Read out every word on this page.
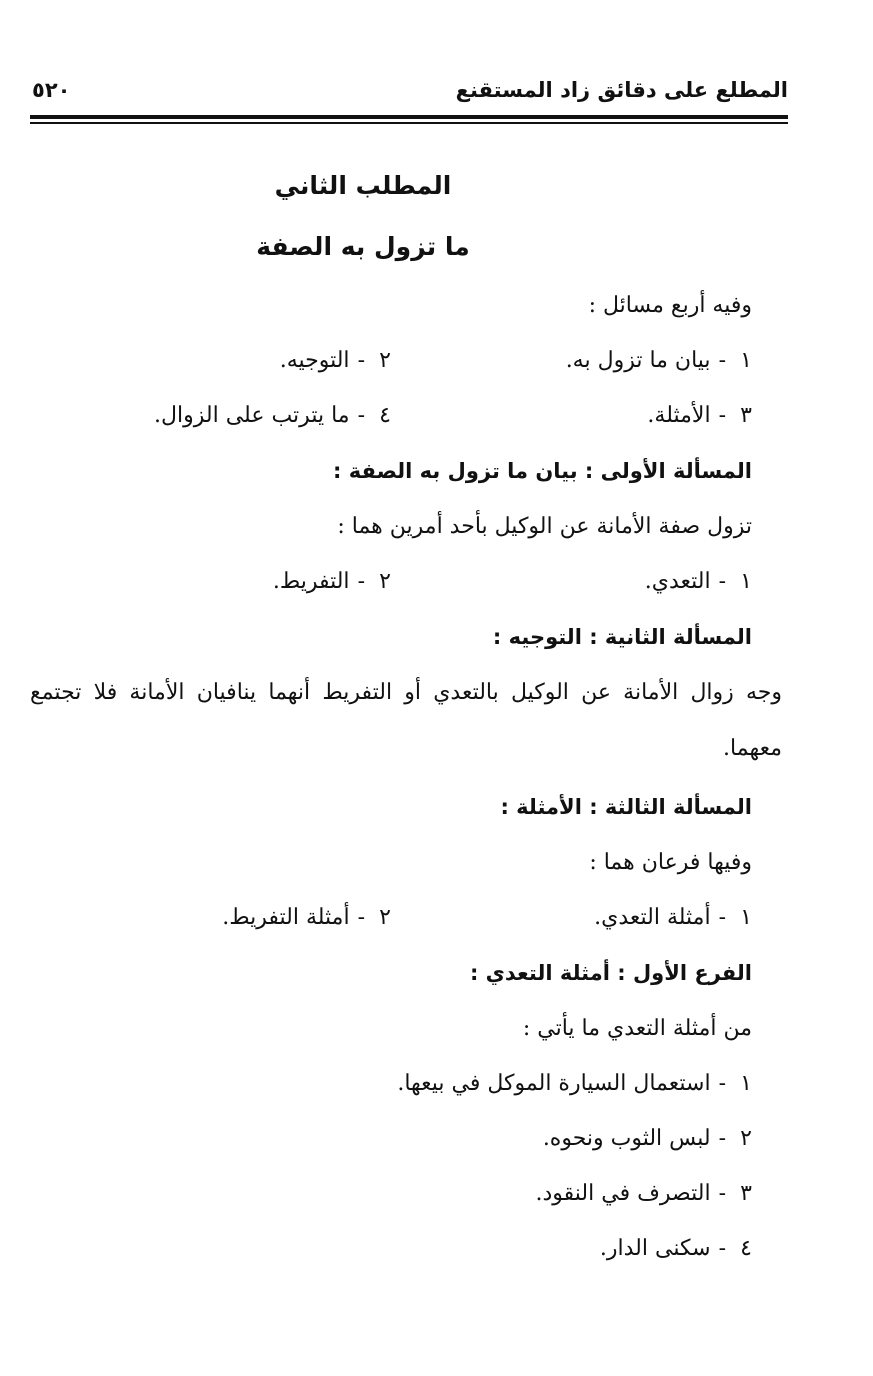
المطلع على دقائق زاد المستقنع
٥٢٠
المطلب الثاني
ما تزول به الصفة
وفيه أربع مسائل :
١-بيان ما تزول به.
٢-التوجيه.
٣-الأمثلة.
٤-ما يترتب على الزوال.
المسألة الأولى : بيان ما تزول به الصفة :
تزول صفة الأمانة عن الوكيل بأحد أمرين هما :
١-التعدي.
٢-التفريط.
المسألة الثانية : التوجيه :
وجه زوال الأمانة عن الوكيل بالتعدي أو التفريط أنهما ينافيان الأمانة فلا تجتمع معهما.
المسألة الثالثة : الأمثلة :
وفيها فرعان هما :
١-أمثلة التعدي.
٢-أمثلة التفريط.
الفرع الأول : أمثلة التعدي :
من أمثلة التعدي ما يأتي :
١-استعمال السيارة الموكل في بيعها.
٢-لبس الثوب ونحوه.
٣-التصرف في النقود.
٤-سكنى الدار.
